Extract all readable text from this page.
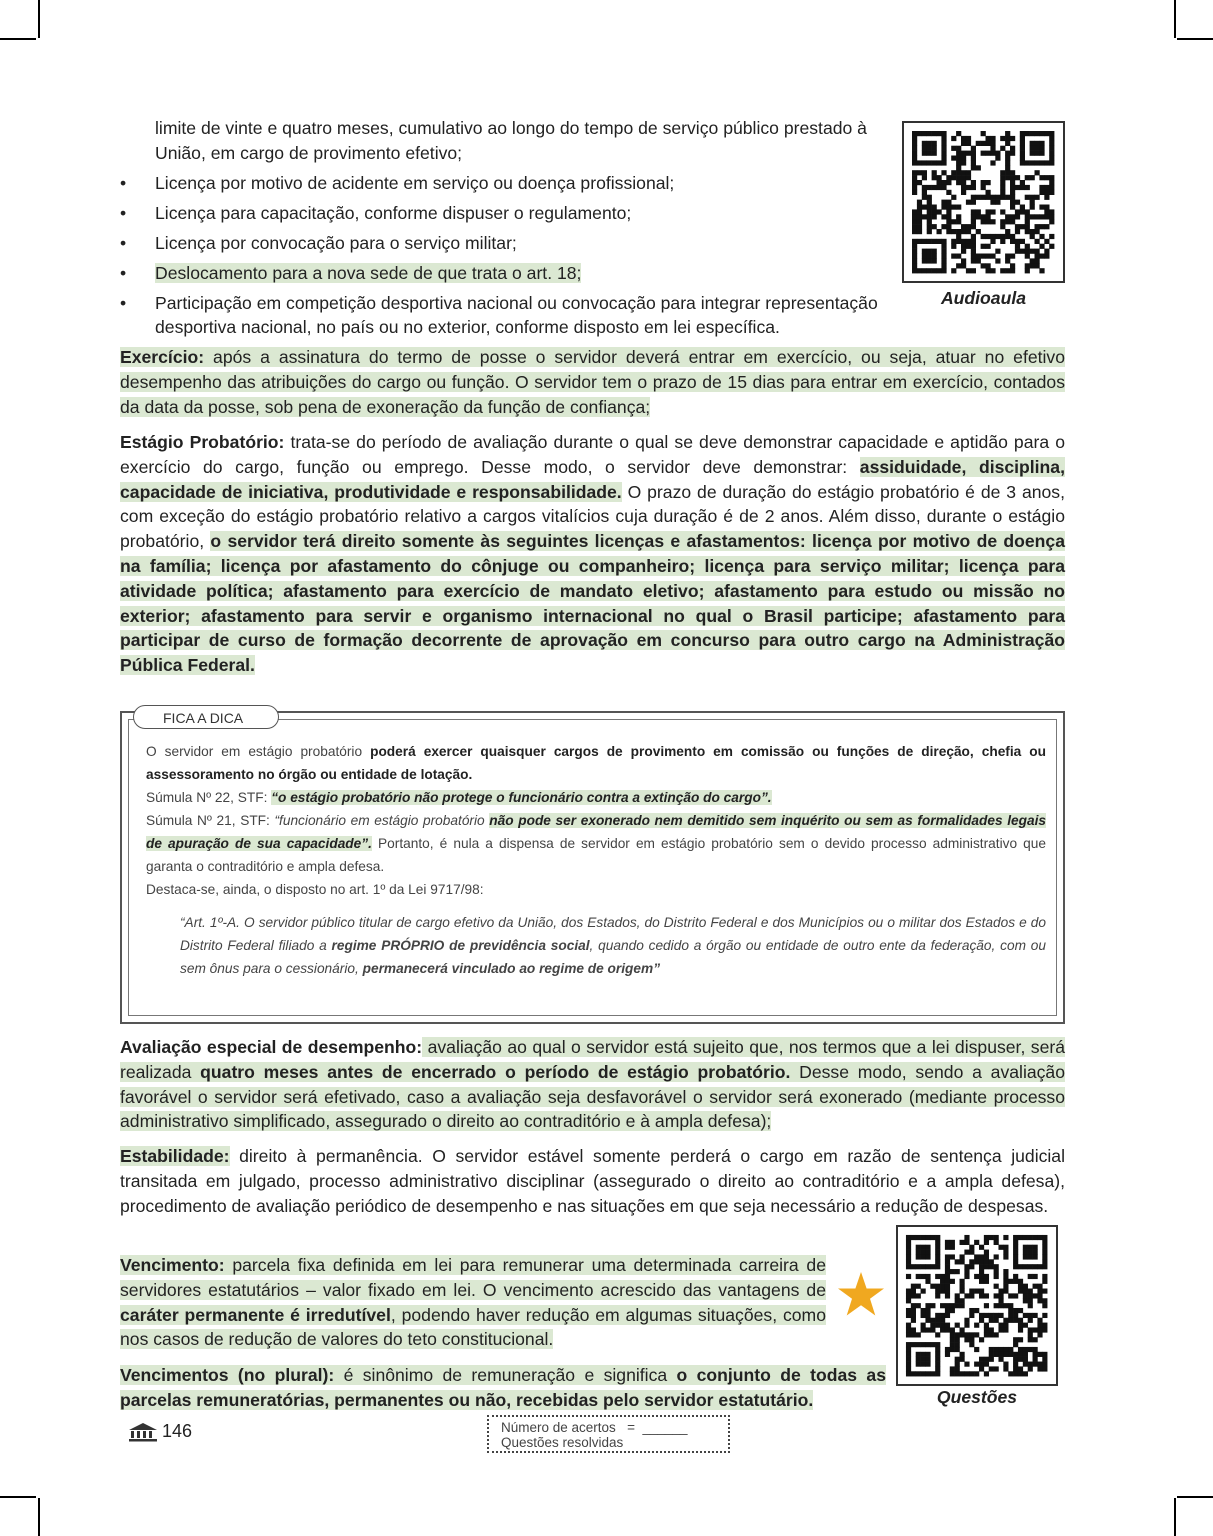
limite de vinte e quatro meses, cumulativo ao longo do tempo de serviço público prestado à União, em cargo de provimento efetivo;
• Licença por motivo de acidente em serviço ou doença profissional;
• Licença para capacitação, conforme dispuser o regulamento;
• Licença por convocação para o serviço militar;
• Deslocamento para a nova sede de que trata o art. 18;
• Participação em competição desportiva nacional ou convocação para integrar representação desportiva nacional, no país ou no exterior, conforme disposto em lei específica.
Audioaula

Exercício: após a assinatura do termo de posse o servidor deverá entrar em exercício, ou seja, atuar no efetivo desempenho das atribuições do cargo ou função. O servidor tem o prazo de 15 dias para entrar em exercício, contados da data da posse, sob pena de exoneração da função de confiança;

Estágio Probatório: trata-se do período de avaliação durante o qual se deve demonstrar capacidade e aptidão para o exercício do cargo, função ou emprego. Desse modo, o servidor deve demonstrar: assiduidade, disciplina, capacidade de iniciativa, produtividade e responsabilidade. O prazo de duração do estágio probatório é de 3 anos, com exceção do estágio probatório relativo a cargos vitalícios cuja duração é de 2 anos. Além disso, durante o estágio probatório, o servidor terá direito somente às seguintes licenças e afastamentos: licença por motivo de doença na família; licença por afastamento do cônjuge ou companheiro; licença para serviço militar; licença para atividade política; afastamento para exercício de mandato eletivo; afastamento para estudo ou missão no exterior; afastamento para servir e organismo internacional no qual o Brasil participe; afastamento para participar de curso de formação decorrente de aprovação em concurso para outro cargo na Administração Pública Federal.

FICA A DICA

O servidor em estágio probatório poderá exercer quaisquer cargos de provimento em comissão ou funções de direção, chefia ou assessoramento no órgão ou entidade de lotação.
Súmula Nº 22, STF: “o estágio probatório não protege o funcionário contra a extinção do cargo”.
Súmula Nº 21, STF: “funcionário em estágio probatório não pode ser exonerado nem demitido sem inquérito ou sem as formalidades legais de apuração de sua capacidade”. Portanto, é nula a dispensa de servidor em estágio probatório sem o devido processo administrativo que garanta o contraditório e ampla defesa.
Destaca-se, ainda, o disposto no art. 1º da Lei 9717/98:

“Art. 1º-A. O servidor público titular de cargo efetivo da União, dos Estados, do Distrito Federal e dos Municípios ou o militar dos Estados e do Distrito Federal filiado a regime PRÓPRIO de previdência social, quando cedido a órgão ou entidade de outro ente da federação, com ou sem ônus para o cessionário, permanecerá vinculado ao regime de origem”

Avaliação especial de desempenho: avaliação ao qual o servidor está sujeito que, nos termos que a lei dispuser, será realizada quatro meses antes de encerrado o período de estágio probatório. Desse modo, sendo a avaliação favorável o servidor será efetivado, caso a avaliação seja desfavorável o servidor será exonerado (mediante processo administrativo simplificado, assegurado o direito ao contraditório e à ampla defesa);

Estabilidade: direito à permanência. O servidor estável somente perderá o cargo em razão de sentença judicial transitada em julgado, processo administrativo disciplinar (assegurado o direito ao contraditório e a ampla defesa), procedimento de avaliação periódico de desempenho e nas situações em que seja necessário a redução de despesas.

Vencimento: parcela fixa definida em lei para remunerar uma determinada carreira de servidores estatutários – valor fixado em lei. O vencimento acrescido das vantagens de caráter permanente é irredutível, podendo haver redução em algumas situações, como nos casos de redução de valores do teto constitucional.

Questões

Vencimentos (no plural): é sinônimo de remuneração e significa o conjunto de todas as parcelas remuneratórias, permanentes ou não, recebidas pelo servidor estatutário.

146	Número de acertos = ______
Questões resolvidas
